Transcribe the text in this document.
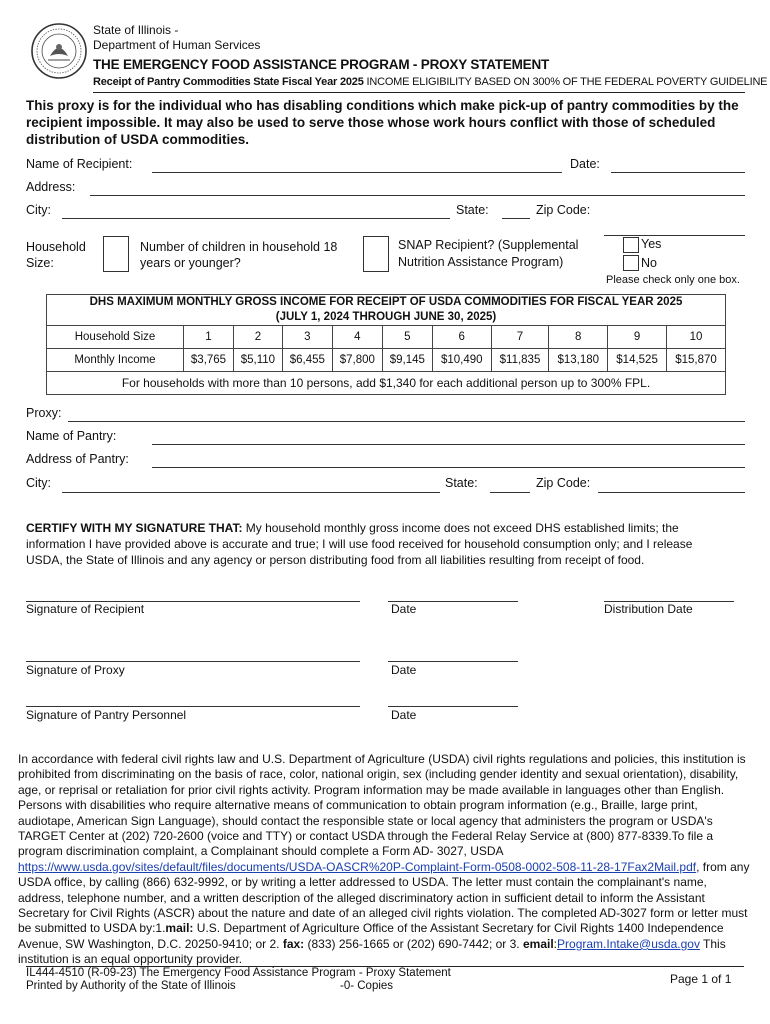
State of Illinois -
Department of Human Services
THE EMERGENCY FOOD ASSISTANCE PROGRAM - PROXY STATEMENT
Receipt of Pantry Commodities State Fiscal Year 2025 INCOME ELIGIBILITY BASED ON 300% OF THE FEDERAL POVERTY GUIDELINE
This proxy is for the individual who has disabling conditions which make pick-up of pantry commodities by the recipient impossible. It may also be used to serve those whose work hours conflict with those of scheduled distribution of USDA commodities.
Name of Recipient:	Date:
Address:
City:	State:	Zip Code:
Household
Size:
Number of children in household 18
years or younger?
SNAP Recipient? (Supplemental
Nutrition Assistance Program)
Yes
No
Please check only one box.
DHS MAXIMUM MONTHLY GROSS INCOME FOR RECEIPT OF USDA COMMODITIES FOR FISCAL YEAR 2025
(JULY 1, 2024 THROUGH JUNE 30, 2025)										

Household Size	1	2	3	4	5	6	7	8	9	10
Monthly Income	$3,765	$5,110	$6,455	$7,800	$9,145	$10,490	$11,835	$13,180	$14,525	$15,870
For households with more than 10 persons, add $1,340 for each additional person up to 300% FPL.										
Proxy:
Name of Pantry:
Address of Pantry:
City:	State:	Zip Code:
CERTIFY WITH MY SIGNATURE THAT: My household monthly gross income does not exceed DHS established limits; the information I have provided above is accurate and true; I will use food received for household consumption only; and I release USDA, the State of Illinois and any agency or person distributing food from all liabilities resulting from receipt of food.
Signature of Recipient	Date	Distribution Date
Signature of Proxy	Date
Signature of Pantry Personnel	Date
In accordance with federal civil rights law and U.S. Department of Agriculture (USDA) civil rights regulations and policies, this institution is prohibited from discriminating on the basis of race, color, national origin, sex (including gender identity and sexual orientation), disability, age, or reprisal or retaliation for prior civil rights activity. Program information may be made available in languages other than English. Persons with disabilities who require alternative means of communication to obtain program information (e.g., Braille, large print, audiotape, American Sign Language), should contact the responsible state or local agency that administers the program or USDA's TARGET Center at (202) 720-2600 (voice and TTY) or contact USDA through the Federal Relay Service at (800) 877-8339.To file a program discrimination complaint, a Complainant should complete a Form AD- 3027, USDA https://www.usda.gov/sites/default/files/documents/USDA-OASCR%20P-Complaint-Form-0508-0002-508-11-28-17Fax2Mail.pdf, from any USDA office, by calling (866) 632-9992, or by writing a letter addressed to USDA. The letter must contain the complainant's name, address, telephone number, and a written description of the alleged discriminatory action in sufficient detail to inform the Assistant Secretary for Civil Rights (ASCR) about the nature and date of an alleged civil rights violation. The completed AD-3027 form or letter must be submitted to USDA by:1.mail: U.S. Department of Agriculture Office of the Assistant Secretary for Civil Rights 1400 Independence Avenue, SW Washington, D.C. 20250-9410; or 2. fax: (833) 256-1665 or (202) 690-7442; or 3. email:Program.Intake@usda.gov This institution is an equal opportunity provider.
IL444-4510 (R-09-23) The Emergency Food Assistance Program - Proxy Statement
Printed by Authority of the State of Illinois	-0- Copies	Page 1 of 1
